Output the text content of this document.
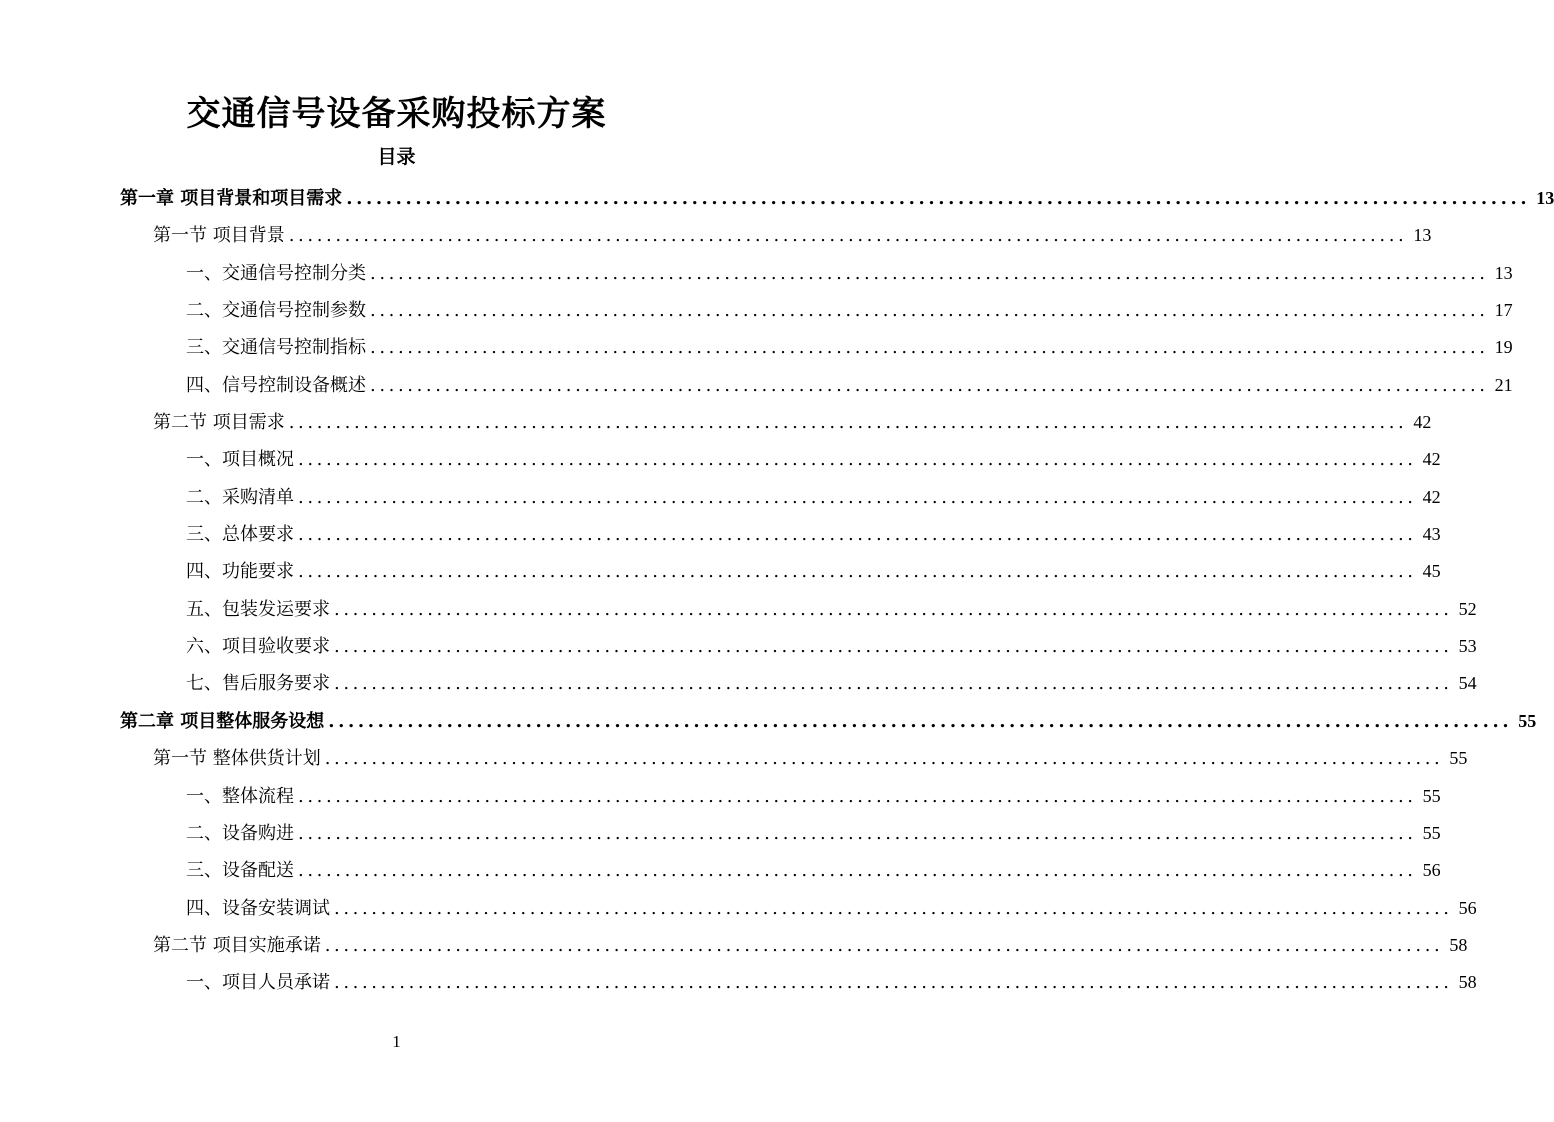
交通信号设备采购投标方案
目录
第一章 项目背景和项目需求 ........................................................................................................................ 13
第一节 项目背景 ........................................................................................................................ 13
一、交通信号控制分类 ........................................................................................................................ 13
二、交通信号控制参数 ........................................................................................................................ 17
三、交通信号控制指标 ........................................................................................................................ 19
四、信号控制设备概述 ........................................................................................................................ 21
第二节 项目需求 ........................................................................................................................ 42
一、项目概况 ........................................................................................................................ 42
二、采购清单 ........................................................................................................................ 42
三、总体要求 ........................................................................................................................ 43
四、功能要求 ........................................................................................................................ 45
五、包装发运要求 ........................................................................................................................ 52
六、项目验收要求 ........................................................................................................................ 53
七、售后服务要求 ........................................................................................................................ 54
第二章 项目整体服务设想 ........................................................................................................................ 55
第一节 整体供货计划 ........................................................................................................................ 55
一、整体流程 ........................................................................................................................ 55
二、设备购进 ........................................................................................................................ 55
三、设备配送 ........................................................................................................................ 56
四、设备安装调试 ........................................................................................................................ 56
第二节 项目实施承诺 ........................................................................................................................ 58
一、项目人员承诺 ........................................................................................................................ 58
1
